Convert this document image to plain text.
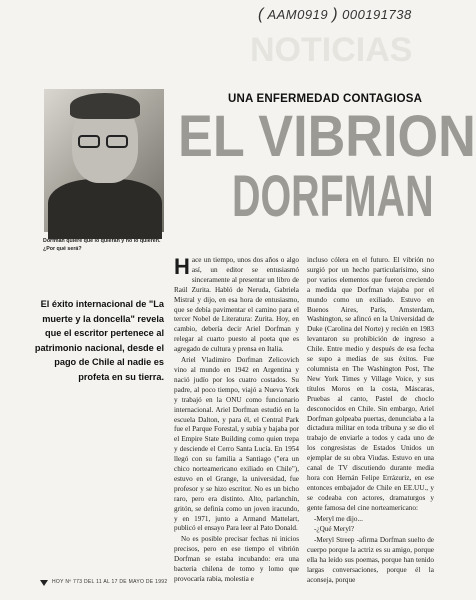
( AAM0919 ) 000191738
NOTICIAS
Dorfman quiere que lo quieran y no lo quieren. ¿Por qué será?
UNA ENFERMEDAD CONTAGIOSA
EL VIBRION
DORFMAN
El éxito internacional de "La muerte y la doncella" revela que el escritor pertenece al patrimonio nacional, desde el pago de Chile al nadie es profeta en su tierra.

Hace un tiempo, unos dos años o algo así, un editor se entusiasmó sinceramente al presentar un libro de Raúl Zurita. Habló de Neruda, Gabriela Mistral y dijo, en esa hora de entusiasmo, que se debía pavimentar el camino para el tercer Nobel de Literatura: Zurita. Hoy, en cambio, debería decir Ariel Dorfman y relegar al cuarto puesto al poeta que es agregado de cultura y prensa en Italia.

Ariel Vladimiro Dorfman Zelicovich vino al mundo en 1942 en Argentina y nació judío por los cuatro costados. Su padre, al poco tiempo, viajó a Nueva York y trabajó en la ONU como funcionario internacional. Ariel Dorfman estudió en la escuela Dalton, y para él, el Central Park fue el Parque Forestal, y subía y bajaba por el Empire State Building como quien trepa y desciende el Cerro Santa Lucía. En 1954 llegó con su familia a Santiago ("era un chico norteamericano exiliado en Chile"), estuvo en el Grange, la universidad, fue profesor y se hizo escritor. No es un bicho raro, pero era distinto. Alto, parlanchín, gritón, se definía como un joven iracundo, y en 1971, junto a Armand Mattelart, publicó el ensayo Para leer al Pato Donald.

No es posible precisar fechas ni inicios precisos, pero en ese tiempo el vibrión Dorfman se estaba incubando: era una bacteria chilena de tomo y lomo que provocaría rabia, molestia e

incluso cólera en el futuro. El vibrión no surgió por un hecho particularísimo, sino por varios elementos que fueron creciendo a medida que Dorfman viajaba por el mundo como un exiliado. Estuvo en Buenos Aires, París, Amsterdam, Washington, se afincó en la Universidad de Duke (Carolina del Norte) y recién en 1983 levantaron su prohibición de ingreso a Chile. Entre medio y después de esa fecha se supo a medias de sus éxitos. Fue columnista en The Washington Post, The New York Times y Village Voice, y sus títulos Moros en la costa, Máscaras, Pruebas al canto, Pastel de choclo desconocidos en Chile. Sin embargo, Ariel Dorfman golpeaba puertas, denunciaba a la dictadura militar en toda tribuna y se dio el trabajo de enviarle a todos y cada uno de los congresistas de Estados Unidos un ejemplar de su obra Viudas. Estuvo en una canal de TV discutiendo durante media hora con Hernán Felipe Errázuriz, en ese entonces embajador de Chile en EE.UU., y se codeaba con actores, dramaturgos y gente famosa del cine norteamericano:

-Meryl me dijo...

-¿Qué Meryl?

-Meryl Streep -afirma Dorfman suelto de cuerpo porque la actriz es su amigo, porque ella ha leído sus poemas, porque han tenido largas conversaciones, porque él la aconseja, porque

HOY Nº 773 DEL 11 AL 17 DE MAYO DE 1992
